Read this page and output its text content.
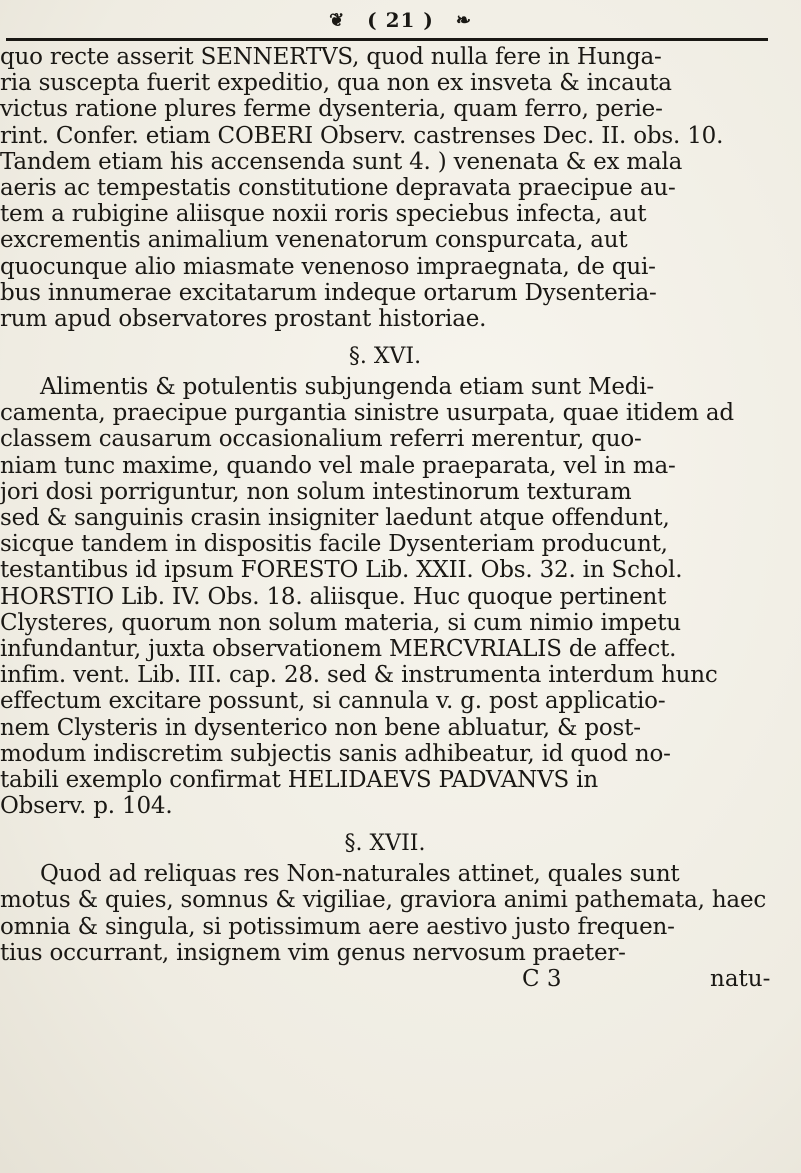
❦ ( 21 ) ❧
quo recte asserit SENNERTVS, quod nulla fere in Hunga-
ria suscepta fuerit expeditio, qua non ex insveta & incauta
victus ratione plures ferme dysenteria, quam ferro, perie-
rint. Confer. etiam COBERI Observ. castrenses Dec. II. obs. 10.
Tandem etiam his accensenda sunt 4. ) venenata & ex mala
aeris ac tempestatis constitutione depravata praecipue au-
tem a rubigine aliisque noxii roris speciebus infecta, aut
excrementis animalium venenatorum conspurcata, aut
quocunque alio miasmate venenoso impraegnata, de qui-
bus innumerae excitatarum indeque ortarum Dysenteria-
rum apud observatores prostant historiae.
§. XVI.
Alimentis & potulentis subjungenda etiam sunt Medi-
camenta, praecipue purgantia sinistre usurpata, quae itidem ad
classem causarum occasionalium referri merentur, quo-
niam tunc maxime, quando vel male praeparata, vel in ma-
jori dosi porriguntur, non solum intestinorum texturam
sed & sanguinis crasin insigniter laedunt atque offendunt,
sicque tandem in dispositis facile Dysenteriam producunt,
testantibus id ipsum FORESTO Lib. XXII. Obs. 32. in Schol.
HORSTIO Lib. IV. Obs. 18. aliisque. Huc quoque pertinent
Clysteres, quorum non solum materia, si cum nimio impetu
infundantur, juxta observationem MERCVRIALIS de affect.
infim. vent. Lib. III. cap. 28. sed & instrumenta interdum hunc
effectum excitare possunt, si cannula v. g. post applicatio-
nem Clysteris in dysenterico non bene abluatur, & post-
modum indiscretim subjectis sanis adhibeatur, id quod no-
tabili exemplo confirmat HELIDAEVS PADVANVS in
Observ. p. 104.
§. XVII.
Quod ad reliquas res Non-naturales attinet, quales sunt
motus & quies, somnus & vigiliae, graviora animi pathemata, haec
omnia & singula, si potissimum aere aestivo justo frequen-
tius occurrant, insignem vim genus nervosum praeter-
C 3	natu-
